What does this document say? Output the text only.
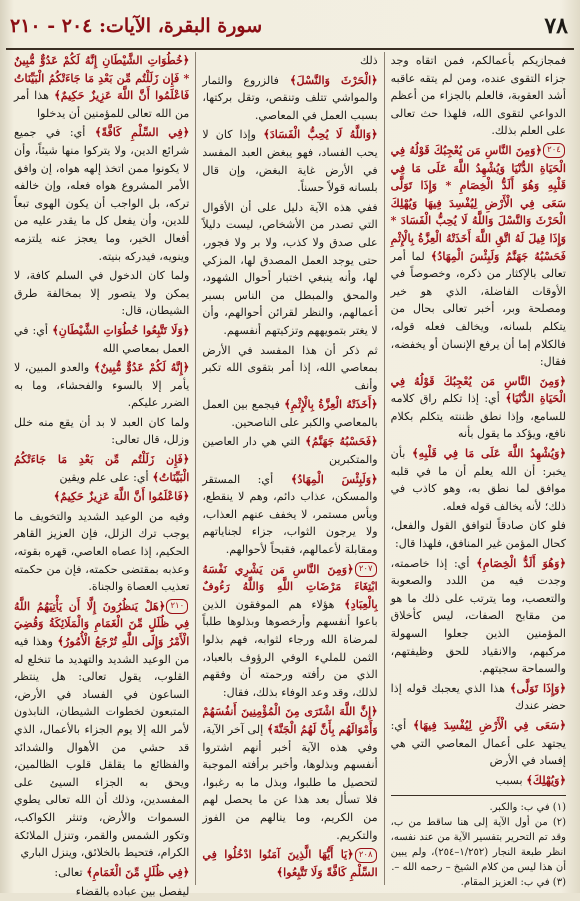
٧٨
سورة البقرة، الآيات: ٢٠٤ - ٢١٠

فمجازيكم بأعمالكم، فمن اتقاه وجد جزاء التقوى عنده، ومن لم يتقه عاقبه أشد العقوبة، فالعلم بالجزاء من أعظم الدواعي لتقوى الله، فلهذا حث تعالى على العلم بذلك.

٢٠٤﴿وَمِنَ النَّاسِ مَن يُعْجِبُكَ قَوْلُهُ فِي الْحَيَاةِ الدُّنْيَا وَيُشْهِدُ اللَّهَ عَلَى مَا فِي قَلْبِهِ وَهُوَ أَلَدُّ الْخِصَامِ * وَإِذَا تَوَلَّى سَعَى فِي الْأَرْضِ لِيُفْسِدَ فِيهَا وَيُهْلِكَ الْحَرْثَ وَالنَّسْلَ وَاللَّهُ لَا يُحِبُّ الْفَسَادَ * وَإِذَا قِيلَ لَهُ اتَّقِ اللَّهَ أَخَذَتْهُ الْعِزَّةُ بِالْإِثْمِ فَحَسْبُهُ جَهَنَّمُ وَلَبِئْسَ الْمِهَادُ﴾ لما أمر تعالى بالإكثار من ذكره، وخصوصاً في الأوقات الفاضلة، الذي هو خير ومصلحة وبر، أخبر تعالى بحال من يتكلم بلسانه، ويخالف فعله قوله، فالكلام إما أن يرفع الإنسان أو يخفضه، فقال:

﴿وَمِنَ النَّاسِ مَن يُعْجِبُكَ قَوْلُهُ فِي الْحَيَاةِ الدُّنْيَا﴾ أي: إذا تكلم راق كلامه للسامع، وإذا نطق ظننته يتكلم بكلام نافع، ويؤكد ما يقول بأنه

﴿وَيُشْهِدُ اللَّهَ عَلَى مَا فِي قَلْبِهِ﴾ بأن يخبر: أن الله يعلم أن ما في قلبه موافق لما نطق به، وهو كاذب في ذلك؛ لأنه يخالف قوله فعله.

فلو كان صادقاً لتوافق القول والفعل، كحال المؤمن غير المنافق، فلهذا قال:

﴿وَهُوَ أَلَدُّ الْخِصَامِ﴾ أي: إذا خاصمته، وجدت فيه من اللدد والصعوبة والتعصب، وما يترتب على ذلك ما هو من مقابح الصفات، ليس كأخلاق المؤمنين الذين جعلوا السهولة مركبهم، والانقياد للحق وظيفتهم، والسماحة سجيتهم.

﴿وَإِذَا تَوَلَّى﴾ هذا الذي يعجبك قوله إذا حضر عندك

﴿سَعَى فِي الْأَرْضِ لِيُفْسِدَ فِيهَا﴾ أي: يجتهد على أعمال المعاصي التي هي إفساد في الأرض

﴿وَيُهْلِكَ﴾ بسبب

(١) في ب: والكبر.

(٢) من أول الآية إلى هنا ساقط من ب، وقد تم التحرير بتفسير الآية من عند نفسه، انظر طبعة النجار (١/٢٥٢–٢٥٤)، ولم يبين أن هذا ليس من كلام الشيخ – رحمه الله –.

(٣) في ب: العزيز المقام.

ذلك

﴿الْحَرْثَ وَالنَّسْلَ﴾ فالزروع والثمار والمواشي تتلف وتنقص، وتقل بركتها، بسبب العمل في المعاصي.

﴿وَاللَّهُ لَا يُحِبُّ الْفَسَادَ﴾ وإذا كان لا يحب الفساد، فهو يبغض العبد المفسد في الأرض غاية البغض، وإن قال بلسانه قولاً حسناً.

ففي هذه الآية دليل على أن الأقوال التي تصدر من الأشخاص، ليست دليلاً على صدق ولا كذب، ولا بر ولا فجور، حتى يوجد العمل المصدق لها، المزكي لها، وأنه ينبغي اختبار أحوال الشهود، والمحق والمبطل من الناس بسبر أعمالهم، والنظر لقرائن أحوالهم، وأن لا يغتر بتمويههم وتزكيتهم أنفسهم.

ثم ذكر أن هذا المفسد في الأرض بمعاصي الله، إذا أمر بتقوى الله تكبر وأنف

﴿أَخَذَتْهُ الْعِزَّةُ بِالْإِثْمِ﴾ فيجمع بين العمل بالمعاصي والكبر على الناصحين.

﴿فَحَسْبُهُ جَهَنَّمُ﴾ التي هي دار العاصين والمتكبرين

﴿وَلَبِئْسَ الْمِهَادُ﴾ أي: المستقر والمسكن، عذاب دائم، وهم لا ينقطع، ويأس مستمر، لا يخفف عنهم العذاب، ولا يرجون الثواب، جزاء لجناياتهم ومقابلة لأعمالهم، فقبحاً لأحوالهم.

٢٠٧﴿وَمِنَ النَّاسِ مَن يَشْرِي نَفْسَهُ ابْتِغَاءَ مَرْضَاتِ اللَّهِ وَاللَّهُ رَءُوفٌ بِالْعِبَادِ﴾ هؤلاء هم الموفقون الذين باعوا أنفسهم وأرخصوها وبذلوها طلباً لمرضاة الله ورجاء لثوابه، فهم بذلوا الثمن للمليء الوفي الرؤوف بالعباد، الذي من رأفته ورحمته أن وفقهم لذلك، وقد وعد الوفاء بذلك، فقال:

﴿إِنَّ اللَّهَ اشْتَرَى مِنَ الْمُؤْمِنِينَ أَنفُسَهُمْ وَأَمْوَالَهُم بِأَنَّ لَهُمُ الْجَنَّةَ﴾ إلى آخر الآية، وفي هذه الآية أخبر أنهم اشتروا أنفسهم وبذلوها، وأخبر برأفته الموجبة لتحصيل ما طلبوا، وبذل ما به رغبوا، فلا تسأل بعد هذا عن ما يحصل لهم من الكريم، وما ينالهم من الفوز والتكريم.

٢٠٨﴿يَا أَيُّهَا الَّذِينَ آمَنُوا ادْخُلُوا فِي السِّلْمِ كَافَّةً وَلَا تَتَّبِعُوا﴾

﴿خُطُوَاتِ الشَّيْطَانِ إِنَّهُ لَكُمْ عَدُوٌّ مُّبِينٌ * فَإِن زَلَلْتُم مِّن بَعْدِ مَا جَاءَتْكُمُ الْبَيِّنَاتُ فَاعْلَمُوا أَنَّ اللَّهَ عَزِيزٌ حَكِيمٌ﴾ هذا أمر من الله تعالى للمؤمنين أن يدخلوا

﴿فِي السِّلْمِ كَافَّةً﴾ أي: في جميع شرائع الدين، ولا يتركوا منها شيئاً، وأن لا يكونوا ممن اتخذ إلهه هواه، إن وافق الأمر المشروع هواه فعله، وإن خالفه تركه، بل الواجب أن يكون الهوى تبعاً للدين، وأن يفعل كل ما يقدر عليه من أفعال الخير، وما يعجز عنه يلتزمه وينويه، فيدركه بنيته.

ولما كان الدخول في السلم كافة، لا يمكن ولا يتصور إلا بمخالفة طرق الشيطان، قال:

﴿وَلَا تَتَّبِعُوا خُطُوَاتِ الشَّيْطَانِ﴾ أي: في العمل بمعاصي الله

﴿إِنَّهُ لَكُمْ عَدُوٌّ مُّبِينٌ﴾ والعدو المبين، لا يأمر إلا بالسوء والفحشاء، وما به الضرر عليكم.

ولما كان العبد لا بد أن يقع منه خلل وزلل، قال تعالى:

﴿فَإِن زَلَلْتُم مِّن بَعْدِ مَا جَاءَتْكُمُ الْبَيِّنَاتُ﴾ أي: على علم ويقين

﴿فَاعْلَمُوا أَنَّ اللَّهَ عَزِيزٌ حَكِيمٌ﴾

وفيه من الوعيد الشديد والتخويف ما يوجب ترك الزلل، فإن العزيز القاهر الحكيم، إذا عصاه العاصي، قهره بقوته، وعذبه بمقتضى حكمته، فإن من حكمته تعذيب العصاة والجناة.

٢١٠﴿هَلْ يَنظُرُونَ إِلَّا أَن يَأْتِيَهُمُ اللَّهُ فِي ظُلَلٍ مِّنَ الْغَمَامِ وَالْمَلَائِكَةُ وَقُضِيَ الْأَمْرُ وَإِلَى اللَّهِ تُرْجَعُ الْأُمُورُ﴾ وهذا فيه من الوعيد الشديد والتهديد ما تنخلع له القلوب، يقول تعالى: هل ينتظر الساعون في الفساد في الأرض، المتبعون لخطوات الشيطان، النابذون لأمر الله إلا يوم الجزاء بالأعمال، الذي قد حشي من الأهوال والشدائد والفظائع ما يقلقل قلوب الظالمين، ويحق به الجزاء السيئ على المفسدين، وذلك أن الله تعالى يطوي السموات والأرض، وتنثر الكواكب، وتكور الشمس والقمر، وتنزل الملائكة الكرام، فتحيط بالخلائق، وينزل الباري

﴿فِي ظُلَلٍ مِّنَ الْغَمَامِ﴾ تعالى:

ليفصل بين عباده بالقضاء
